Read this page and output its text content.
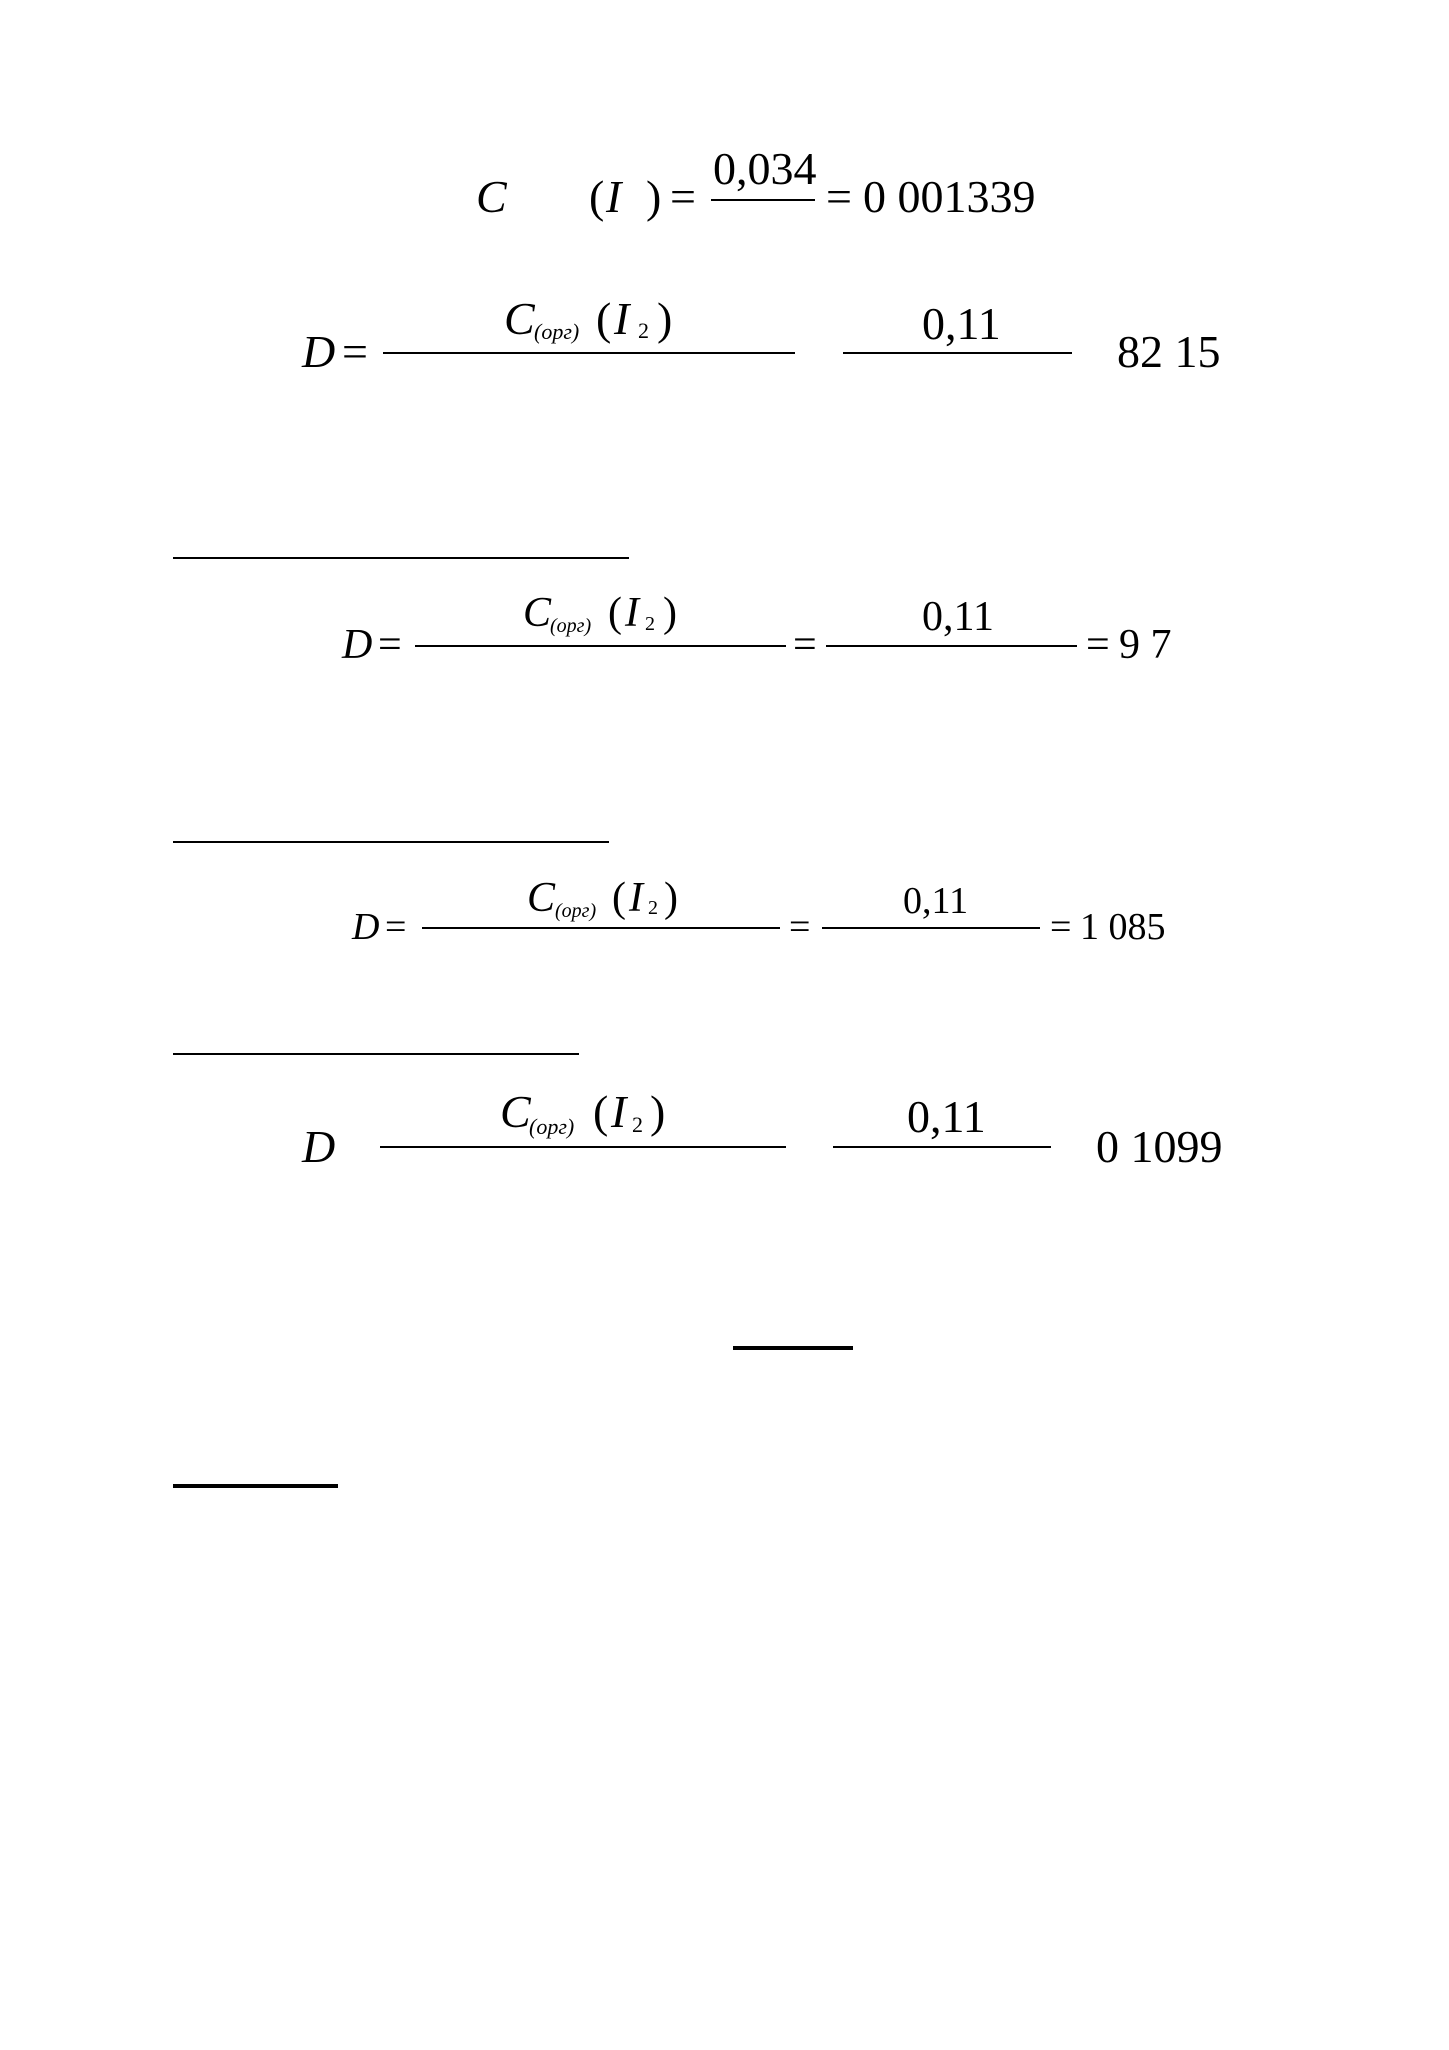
C ( I ) =
0,034
= 0 001339
D =
C (орг) ( I 2 )	0,11
82 15
D =
C
(орг) ( I 2 )
=
0,11
= 9 7
D =
C (орг) ( I 2 )
=
0,11
= 1 085
D
C
(орг) ( I 2 )	0,11
0 1099
